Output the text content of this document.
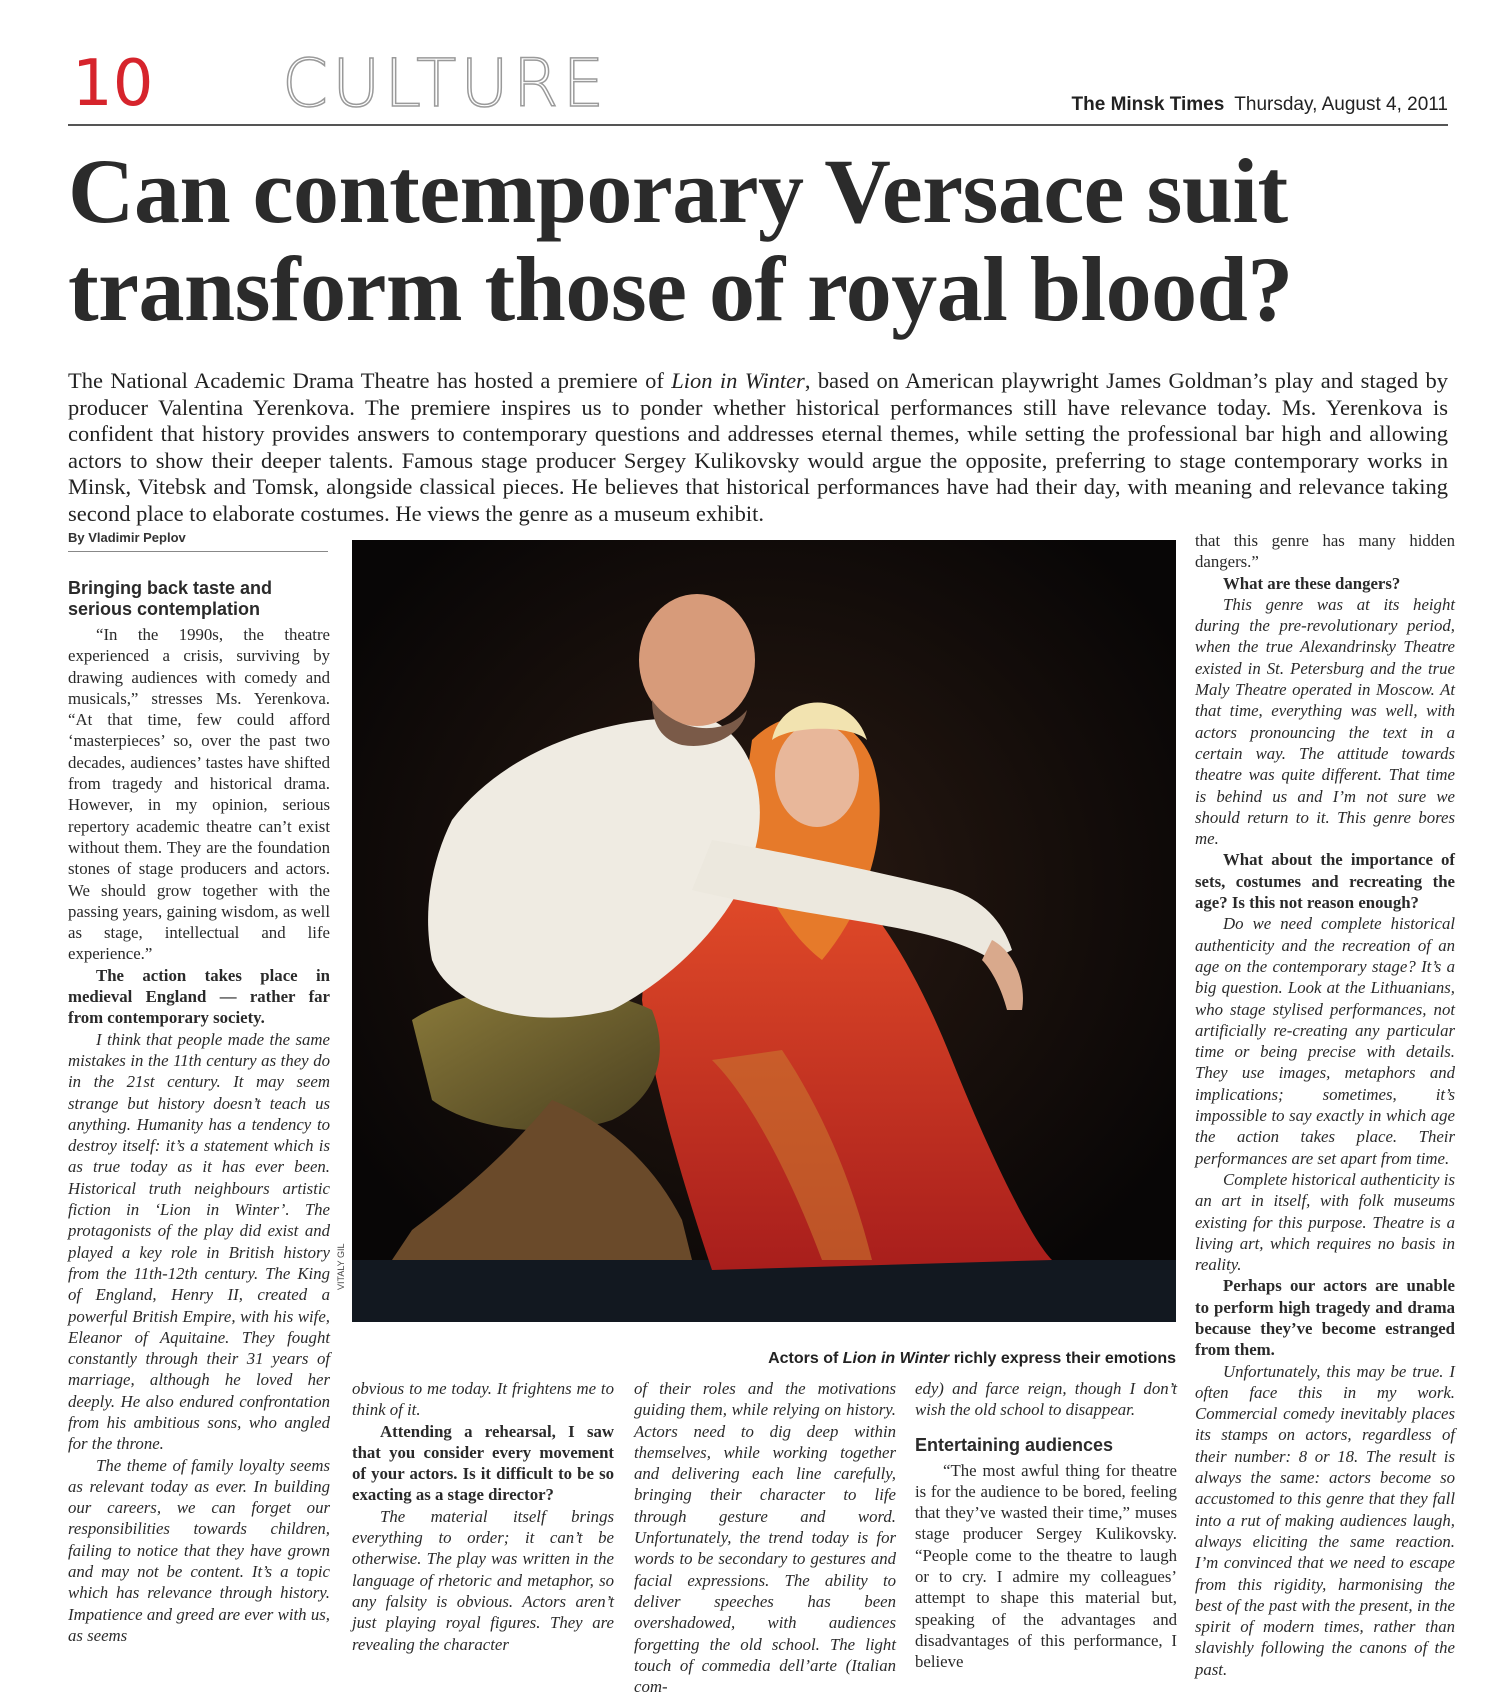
10 CULTURE	The Minsk Times Thursday, August 4, 2011
Can contemporary Versace suit transform those of royal blood?
The National Academic Drama Theatre has hosted a premiere of Lion in Winter, based on American playwright James Goldman’s play and staged by producer Valentina Yerenkova. The premiere inspires us to ponder whether historical performances still have relevance today. Ms. Yerenkova is confident that history provides answers to contemporary questions and addresses eternal themes, while setting the professional bar high and allowing actors to show their deeper talents. Famous stage producer Sergey Kulikovsky would argue the opposite, preferring to stage contemporary works in Minsk, Vitebsk and Tomsk, alongside classical pieces. He believes that historical performances have had their day, with meaning and relevance taking second place to elaborate costumes. He views the genre as a museum exhibit.
By Vladimir Peplov
Bringing back taste and serious contemplation

“In the 1990s, the theatre experienced a crisis, surviving by drawing audiences with comedy and musicals,” stresses Ms. Yerenkova. “At that time, few could afford ‘masterpieces’ so, over the past two decades, audiences’ tastes have shifted from tragedy and historical drama. However, in my opinion, serious repertory academic theatre can’t exist without them. They are the foundation stones of stage producers and actors. We should grow together with the passing years, gaining wisdom, as well as stage, intellectual and life experience.”

The action takes place in medieval England — rather far from contemporary society.

I think that people made the same mistakes in the 11th century as they do in the 21st century. It may seem strange but history doesn’t teach us anything. Humanity has a tendency to destroy itself: it’s a statement which is as true today as it has ever been. Historical truth neighbours artistic fiction in ‘Lion in Winter’. The protagonists of the play did exist and played a key role in British history from the 11th-12th century. The King of England, Henry II, created a powerful British Empire, with his wife, Eleanor of Aquitaine. They fought constantly through their 31 years of marriage, although he loved her deeply. He also endured confrontation from his ambitious sons, who angled for the throne.

The theme of family loyalty seems as relevant today as ever. In building our careers, we can forget our responsibilities towards children, failing to notice that they have grown and may not be content. It’s a topic which has relevance through history. Impatience and greed are ever with us, as seems

VITALY GIL
Actors of Lion in Winter richly express their emotions

obvious to me today. It frightens me to think of it.

Attending a rehearsal, I saw that you consider every movement of your actors. Is it difficult to be so exacting as a stage director?

The material itself brings everything to order; it can’t be otherwise. The play was written in the language of rhetoric and metaphor, so any falsity is obvious. Actors aren’t just playing royal figures. They are revealing the character

of their roles and the motivations guiding them, while relying on history. Actors need to dig deep within themselves, while working together and delivering each line carefully, bringing their character to life through gesture and word. Unfortunately, the trend today is for words to be secondary to gestures and facial expressions. The ability to deliver speeches has been overshadowed, with audiences forgetting the old school. The light touch of commedia dell’arte (Italian com-

edy) and farce reign, though I don’t wish the old school to disappear.

Entertaining audiences

“The most awful thing for theatre is for the audience to be bored, feeling that they’ve wasted their time,” muses stage producer Sergey Kulikovsky. “People come to the theatre to laugh or to cry. I admire my colleagues’ attempt to shape this material but, speaking of the advantages and disadvantages of this performance, I believe

that this genre has many hidden dangers.”

What are these dangers?

This genre was at its height during the pre-revolutionary period, when the true Alexandrinsky Theatre existed in St. Petersburg and the true Maly Theatre operated in Moscow. At that time, everything was well, with actors pronouncing the text in a certain way. The attitude towards theatre was quite different. That time is behind us and I’m not sure we should return to it. This genre bores me.

What about the importance of sets, costumes and recreating the age? Is this not reason enough?

Do we need complete historical authenticity and the recreation of an age on the contemporary stage? It’s a big question. Look at the Lithuanians, who stage stylised performances, not artificially re-creating any particular time or being precise with details. They use images, metaphors and implications; sometimes, it’s impossible to say exactly in which age the action takes place. Their performances are set apart from time.

Complete historical authenticity is an art in itself, with folk museums existing for this purpose. Theatre is a living art, which requires no basis in reality.

Perhaps our actors are unable to perform high tragedy and drama because they’ve become estranged from them.

Unfortunately, this may be true. I often face this in my work. Commercial comedy inevitably places its stamps on actors, regardless of their number: 8 or 18. The result is always the same: actors become so accustomed to this genre that they fall into a rut of making audiences laugh, always eliciting the same reaction. I’m convinced that we need to escape from this rigidity, harmonising the best of the past with the present, in the spirit of modern times, rather than slavishly following the canons of the past.
